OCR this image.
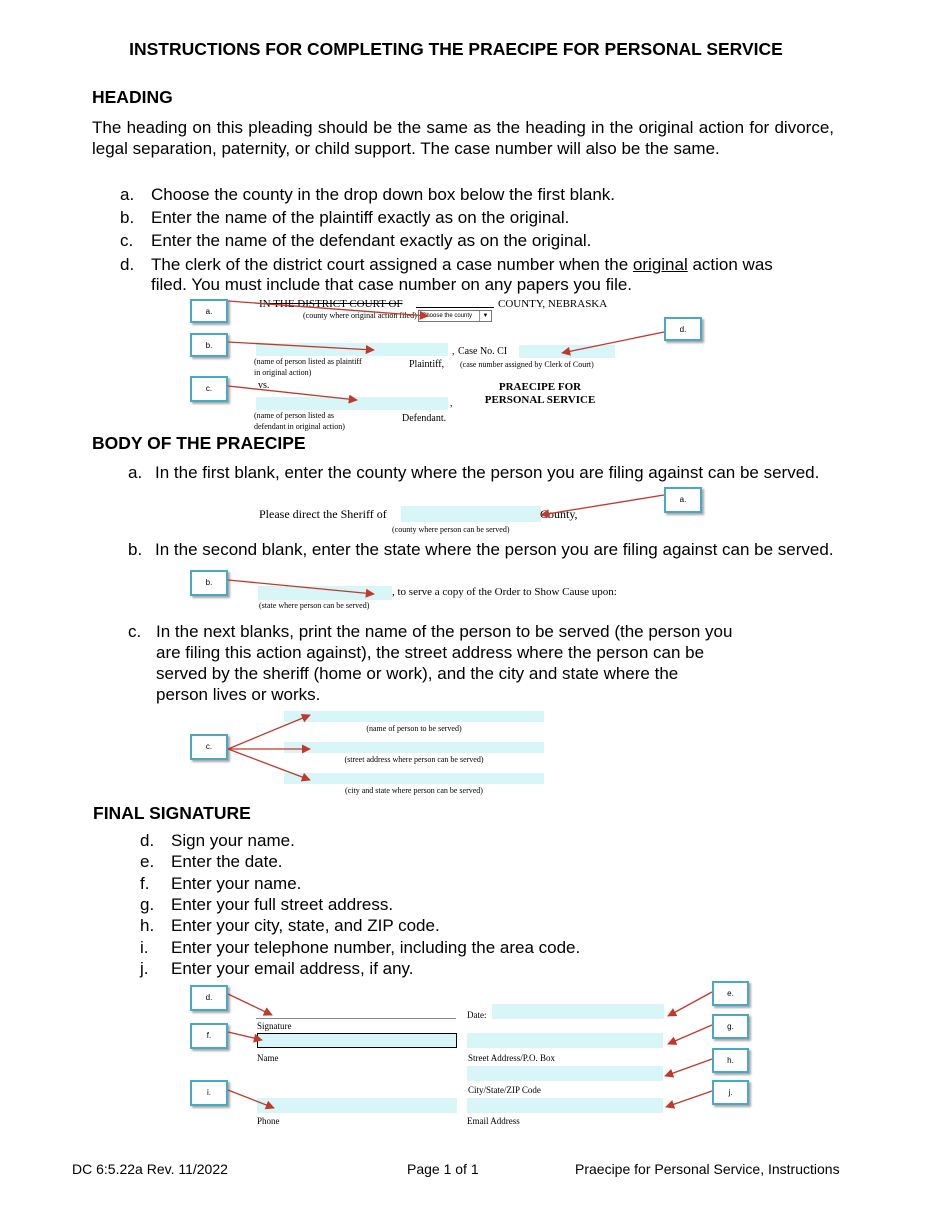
INSTRUCTIONS FOR COMPLETING THE PRAECIPE FOR PERSONAL SERVICE
HEADING
The heading on this pleading should be the same as the heading in the original action for divorce, legal separation, paternity, or child support. The case number will also be the same.
a. Choose the county in the drop down box below the first blank.
b. Enter the name of the plaintiff exactly as on the original.
c. Enter the name of the defendant exactly as on the original.
d. The clerk of the district court assigned a case number when the original action was
filed. You must include that case number on any papers you file.
IN THE DISTRICT COURT OF	COUNTY, NEBRASKA
(county where original action filed) Choose the county	▼
(name of person listed as plaintiff
in original action)
Plaintiff,
, Case No. CI
(case number assigned by Clerk of Court)
vs.	PRAECIPE FOR
PERSONAL SERVICE
,
(name of person listed as
defendant in original action)
Defendant.
a.
b.
c.
d.
BODY OF THE PRAECIPE
a. In the first blank, enter the county where the person you are filing against can be served.
Please direct the Sheriff of	County,
(county where person can be served)
a.
b. In the second blank, enter the state where the person you are filing against can be served.
, to serve a copy of the Order to Show Cause upon:
(state where person can be served)
b.
c. In the next blanks, print the name of the person to be served (the person you
are filing this action against), the street address where the person can be
served by the sheriff (home or work), and the city and state where the
person lives or works.
(name of person to be served)
(street address where person can be served)
(city and state where person can be served)
c.
FINAL SIGNATURE
d. Sign your name.
e. Enter the date.
f. Enter your name.
g. Enter your full street address.
h. Enter your city, state, and ZIP code.
i. Enter your telephone number, including the area code.
j. Enter your email address, if any.
Signature
Name
Phone
Date:
Street Address/P.O. Box
City/State/ZIP Code
Email Address
d.
f.
i.
e.
g.
h.
j.
DC 6:5.22a Rev. 11/2022	Page 1 of 1	Praecipe for Personal Service, Instructions
